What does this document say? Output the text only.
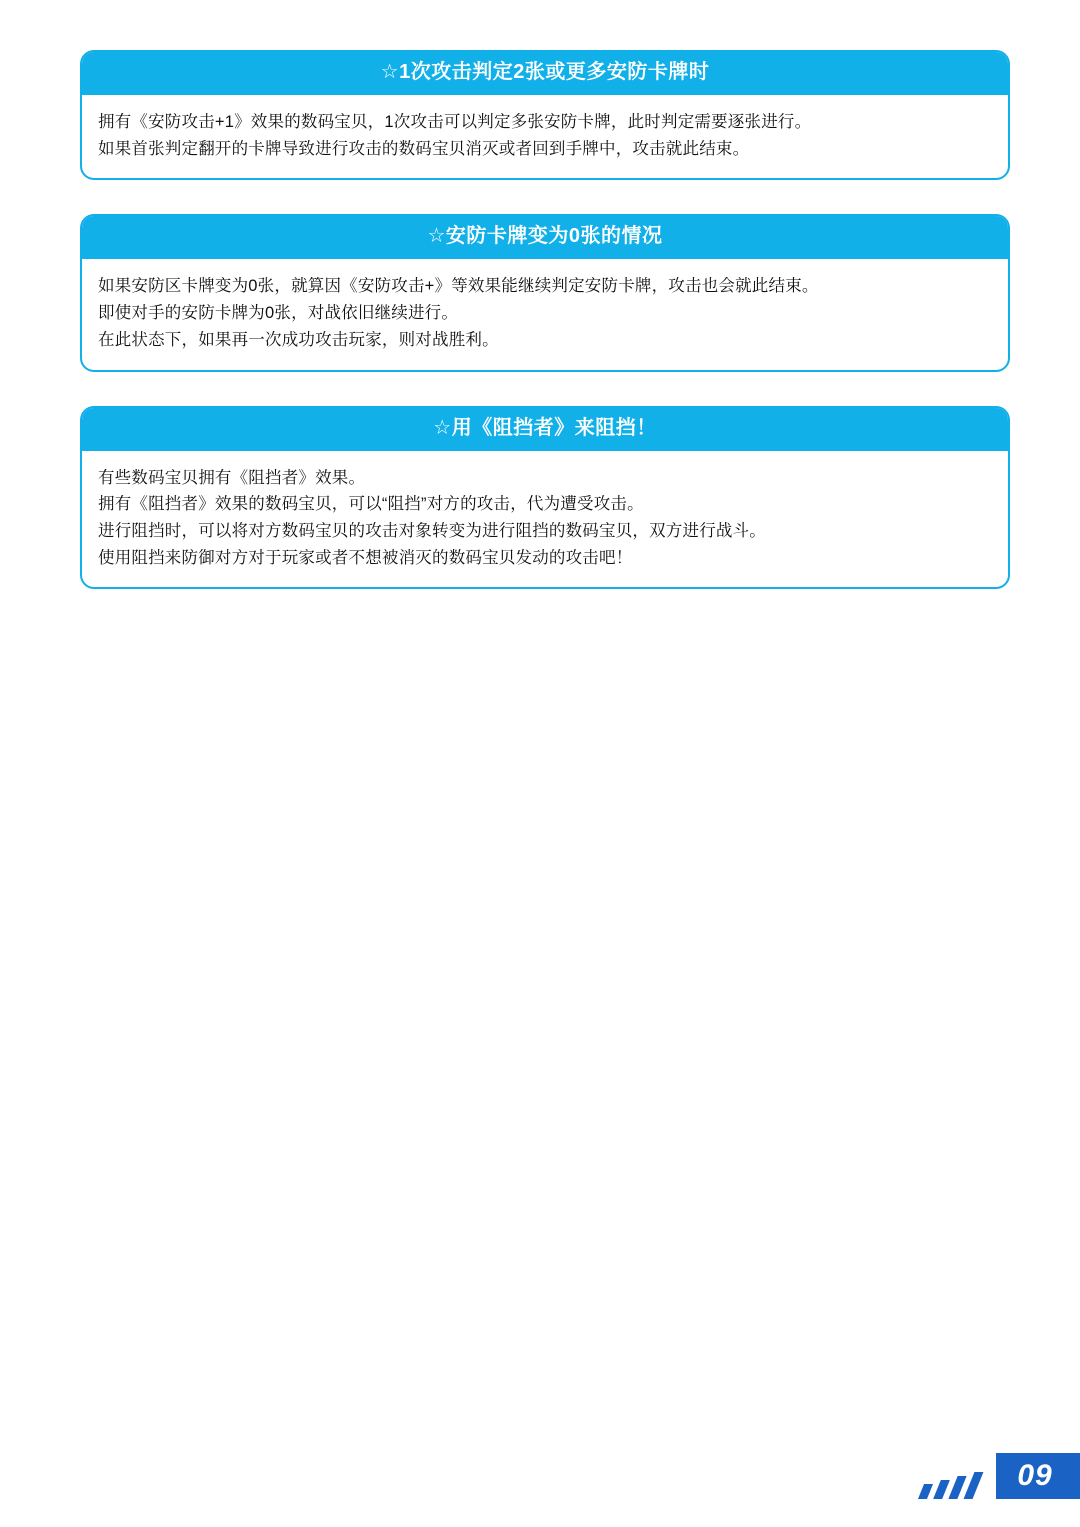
☆1次攻击判定2张或更多安防卡牌时
拥有《安防攻击+1》效果的数码宝贝，1次攻击可以判定多张安防卡牌，此时判定需要逐张进行。
如果首张判定翻开的卡牌导致进行攻击的数码宝贝消灭或者回到手牌中，攻击就此结束。
☆安防卡牌变为0张的情况
如果安防区卡牌变为0张，就算因《安防攻击+》等效果能继续判定安防卡牌，攻击也会就此结束。
即使对手的安防卡牌为0张，对战依旧继续进行。
在此状态下，如果再一次成功攻击玩家，则对战胜利。
☆用《阻挡者》来阻挡！
有些数码宝贝拥有《阻挡者》效果。
拥有《阻挡者》效果的数码宝贝，可以“阻挡”对方的攻击，代为遭受攻击。
进行阻挡时，可以将对方数码宝贝的攻击对象转变为进行阻挡的数码宝贝，双方进行战斗。
使用阻挡来防御对方对于玩家或者不想被消灭的数码宝贝发动的攻击吧！
09
